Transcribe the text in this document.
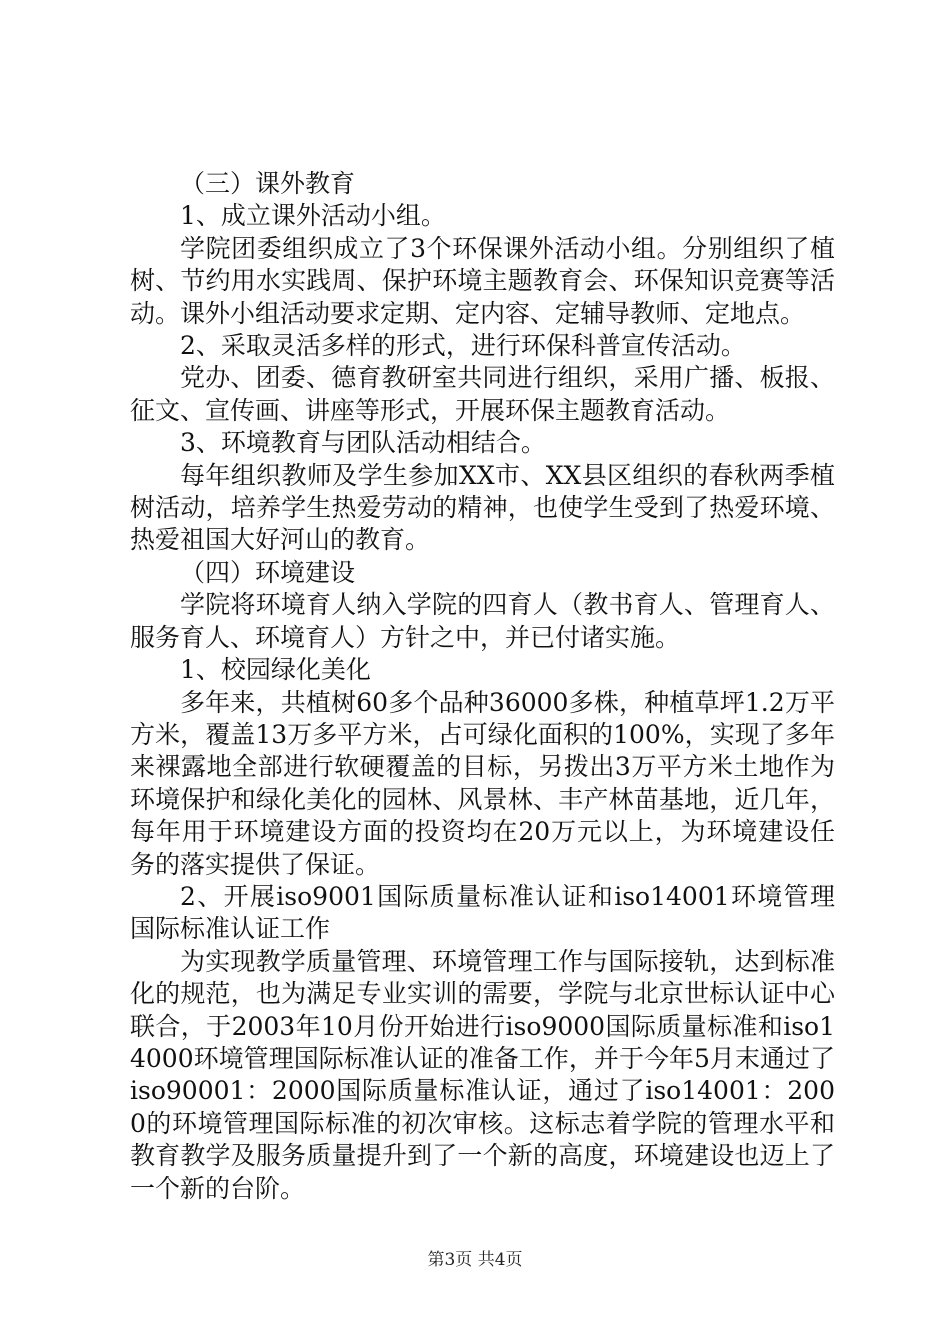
（三）课外教育

1、成立课外活动小组。

学院团委组织成立了3个环保课外活动小组。分别组织了植树、节约用水实践周、保护环境主题教育会、环保知识竞赛等活动。课外小组活动要求定期、定内容、定辅导教师、定地点。

2、采取灵活多样的形式，进行环保科普宣传活动。

党办、团委、德育教研室共同进行组织，采用广播、板报、征文、宣传画、讲座等形式，开展环保主题教育活动。

3、环境教育与团队活动相结合。

每年组织教师及学生参加XX市、XX县区组织的春秋两季植树活动，培养学生热爱劳动的精神，也使学生受到了热爱环境、热爱祖国大好河山的教育。

（四）环境建设

学院将环境育人纳入学院的四育人（教书育人、管理育人、服务育人、环境育人）方针之中，并已付诸实施。

1、校园绿化美化

多年来，共植树60多个品种36000多株，种植草坪1.2万平方米，覆盖13万多平方米，占可绿化面积的100%，实现了多年来裸露地全部进行软硬覆盖的目标，另拨出3万平方米土地作为环境保护和绿化美化的园林、风景林、丰产林苗基地，近几年，每年用于环境建设方面的投资均在20万元以上，为环境建设任务的落实提供了保证。

2、开展iso9001国际质量标准认证和iso14001环境管理国际标准认证工作

为实现教学质量管理、环境管理工作与国际接轨，达到标准化的规范，也为满足专业实训的需要，学院与北京世标认证中心联合，于2003年10月份开始进行iso9000国际质量标准和iso14000环境管理国际标准认证的准备工作，并于今年5月末通过了iso90001：2000国际质量标准认证，通过了iso14001：2000的环境管理国际标准的初次审核。这标志着学院的管理水平和教育教学及服务质量提升到了一个新的高度，环境建设也迈上了一个新的台阶。

第3页 共4页
